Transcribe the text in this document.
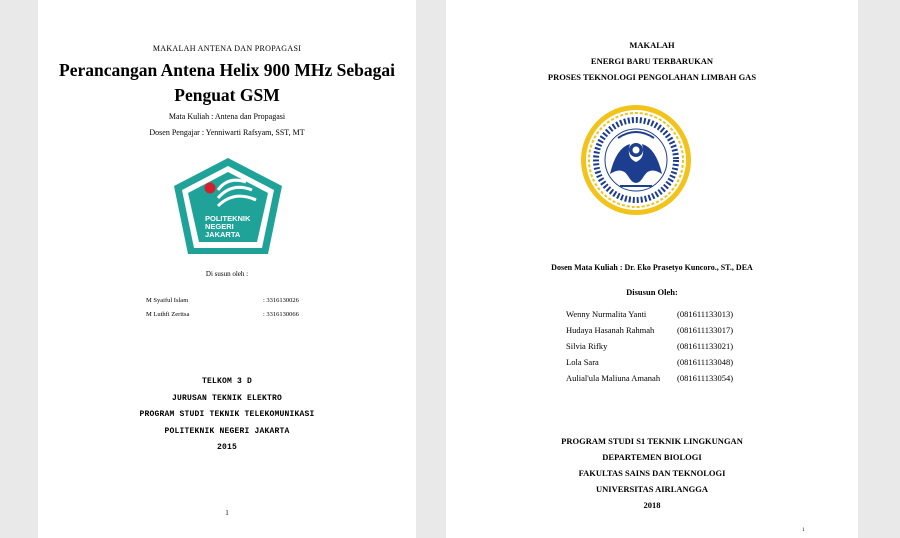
MAKALAH ANTENA DAN PROPAGASI
Perancangan Antena Helix 900 MHz Sebagai
Penguat GSM
Mata Kuliah : Antena dan Propagasi
Dosen Pengajar : Yenniwarti Rafsyam, SST, MT
POLITEKNIK
NEGERI
JAKARTA
Di susun oleh :
M Syaiful Islam	: 3316130026
M Luthfi Zeritsa	: 3316130066
TELKOM 3 D
JURUSAN TEKNIK ELEKTRO
PROGRAM STUDI TEKNIK TELEKOMUNIKASI
POLITEKNIK NEGERI JAKARTA
2015
1
MAKALAH
ENERGI BARU TERBARUKAN
PROSES TEKNOLOGI PENGOLAHAN LIMBAH GAS
Dosen Mata Kuliah : Dr. Eko Prasetyo Kuncoro., ST., DEA
Disusun Oleh:
Wenny Nurmalita Yanti	(081611133013)
Hudaya Hasanah Rahmah	(081611133017)
Silvia Rifky	(081611133021)
Lola Sara	(081611133048)
Aulial'ula Maliuna Amanah (081611133054)
PROGRAM STUDI S1 TEKNIK LINGKUNGAN
DEPARTEMEN BIOLOGI
FAKULTAS SAINS DAN TEKNOLOGI
UNIVERSITAS AIRLANGGA
2018
1
